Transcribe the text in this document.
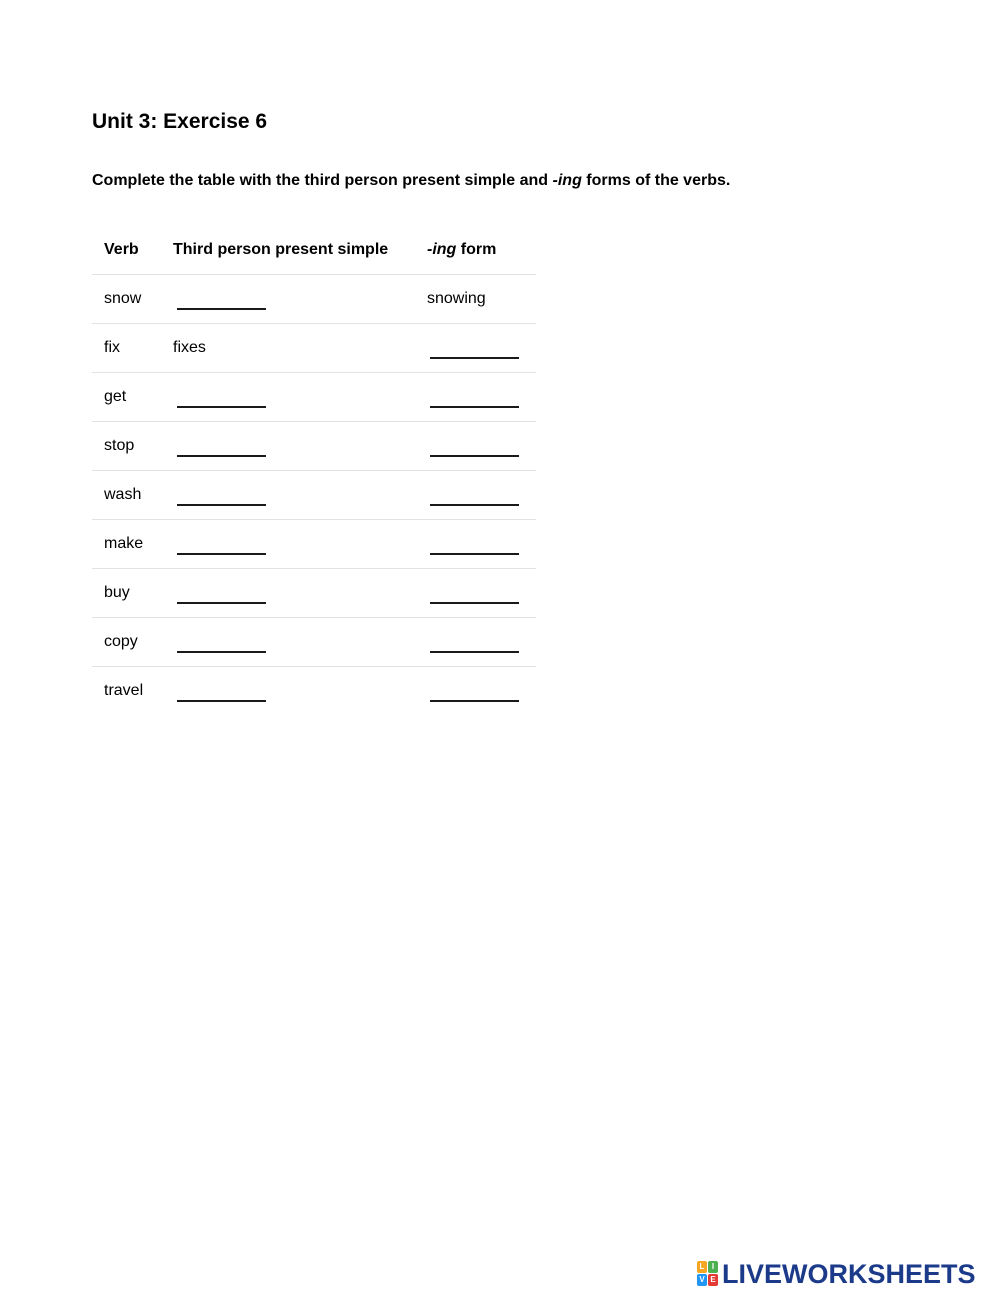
Unit 3: Exercise 6

Complete the table with the third person present simple and -ing forms of the verbs.

Verb Third person present simple -ing form
snow	snowing
fix	fixes
get
stop
wash
make
buy
copy
travel
L I
V E LIVEWORKSHEETS
